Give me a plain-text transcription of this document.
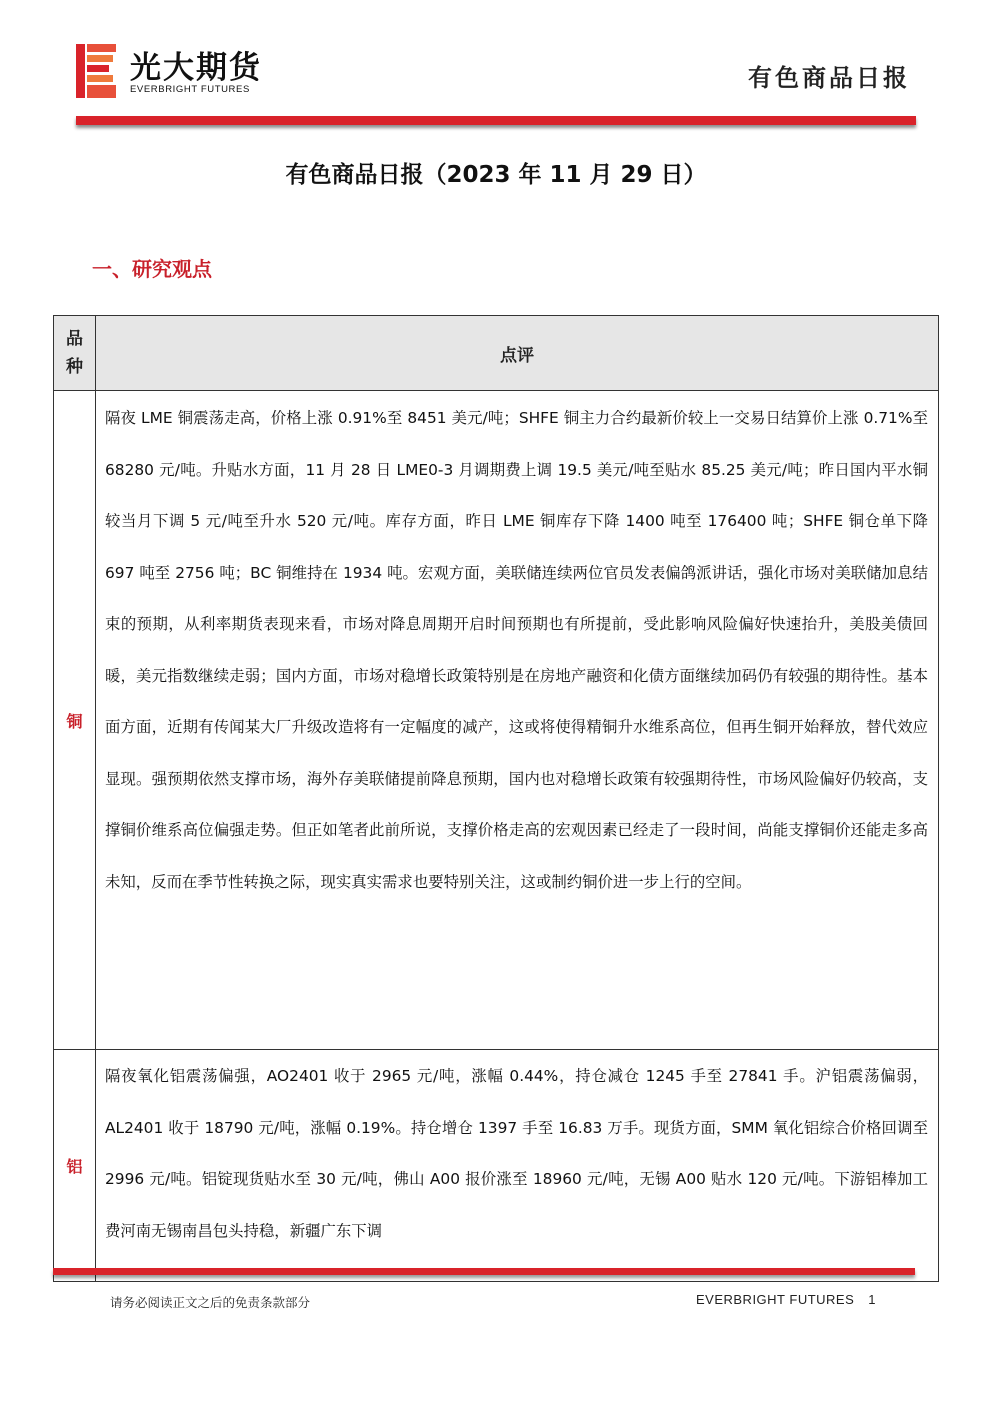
光大期货
EVERBRIGHT FUTURES	有色商品日报
有色商品日报（2023 年 11 月 29 日）
一、研究观点
品
种	点评
铜	隔夜 LME 铜震荡走高，价格上涨 0.91%至 8451 美元/吨；SHFE 铜主力合约最新价较上一交易日结算价上涨 0.71%至 68280 元/吨。升贴水方面，11 月 28 日 LME0-3 月调期费上调 19.5 美元/吨至贴水 85.25 美元/吨；昨日国内平水铜较当月下调 5 元/吨至升水 520 元/吨。库存方面，昨日 LME 铜库存下降 1400 吨至 176400 吨；SHFE 铜仓单下降 697 吨至 2756 吨；BC 铜维持在 1934 吨。宏观方面，美联储连续两位官员发表偏鸽派讲话，强化市场对美联储加息结束的预期，从利率期货表现来看，市场对降息周期开启时间预期也有所提前，受此影响风险偏好快速抬升，美股美债回暖，美元指数继续走弱；国内方面，市场对稳增长政策特别是在房地产融资和化债方面继续加码仍有较强的期待性。基本面方面，近期有传闻某大厂升级改造将有一定幅度的减产，这或将使得精铜升水维系高位，但再生铜开始释放，替代效应显现。强预期依然支撑市场，海外存美联储提前降息预期，国内也对稳增长政策有较强期待性，市场风险偏好仍较高，支撑铜价维系高位偏强走势。但正如笔者此前所说，支撑价格走高的宏观因素已经走了一段时间，尚能支撑铜价还能走多高未知，反而在季节性转换之际，现实真实需求也要特别关注，这或制约铜价进一步上行的空间。

铝	隔夜氧化铝震荡偏强，AO2401 收于 2965 元/吨，涨幅 0.44%，持仓减仓 1245 手至 27841 手。沪铝震荡偏弱，AL2401 收于 18790 元/吨，涨幅 0.19%。持仓增仓 1397 手至 16.83 万手。现货方面，SMM 氧化铝综合价格回调至 2996 元/吨。铝锭现货贴水至 30 元/吨，佛山 A00 报价涨至 18960 元/吨，无锡 A00 贴水 120 元/吨。下游铝棒加工费河南无锡南昌包头持稳，新疆广东下调

请务必阅读正文之后的免责条款部分	EVERBRIGHT FUTURES 1
